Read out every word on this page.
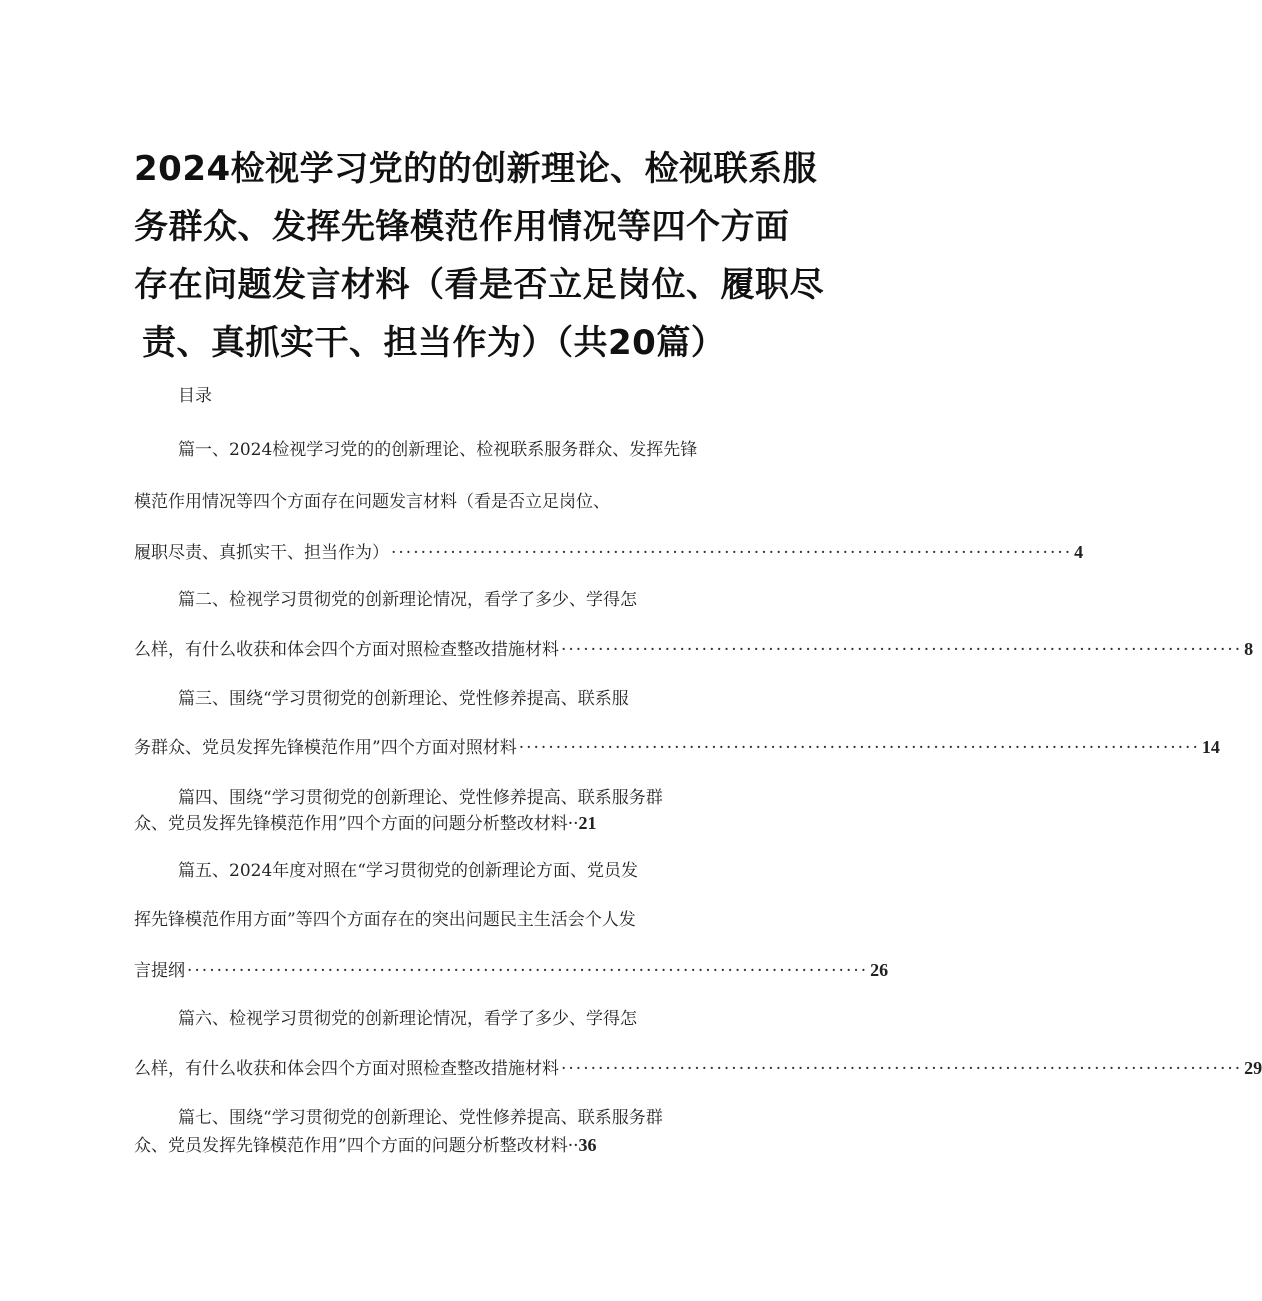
2024检视学习党的的创新理论、检视联系服
务群众、发挥先锋模范作用情况等四个方面
存在问题发言材料（看是否立足岗位、履职尽
责、真抓实干、担当作为）（共20篇）
目录
篇一、2024检视学习党的的创新理论、检视联系服务群众、发挥先锋
模范作用情况等四个方面存在问题发言材料（看是否立足岗位、
履职尽责、真抓实干、担当作为） ···························································································· 4
篇二、检视学习贯彻党的创新理论情况，看学了多少、学得怎
么样，有什么收获和体会四个方面对照检查整改措施材料 ···························································································· 8
篇三、围绕“学习贯彻党的创新理论、党性修养提高、联系服
务群众、党员发挥先锋模范作用”四个方面对照材料 ···························································································· 14
篇四、围绕“学习贯彻党的创新理论、党性修养提高、联系服务群
众、党员发挥先锋模范作用”四个方面的问题分析整改材料·· 21
篇五、2024年度对照在“学习贯彻党的创新理论方面、党员发
挥先锋模范作用方面”等四个方面存在的突出问题民主生活会个人发
言提纲 ···························································································· 26
篇六、检视学习贯彻党的创新理论情况，看学了多少、学得怎
么样，有什么收获和体会四个方面对照检查整改措施材料 ···························································································· 29
篇七、围绕“学习贯彻党的创新理论、党性修养提高、联系服务群
众、党员发挥先锋模范作用”四个方面的问题分析整改材料·· 36
